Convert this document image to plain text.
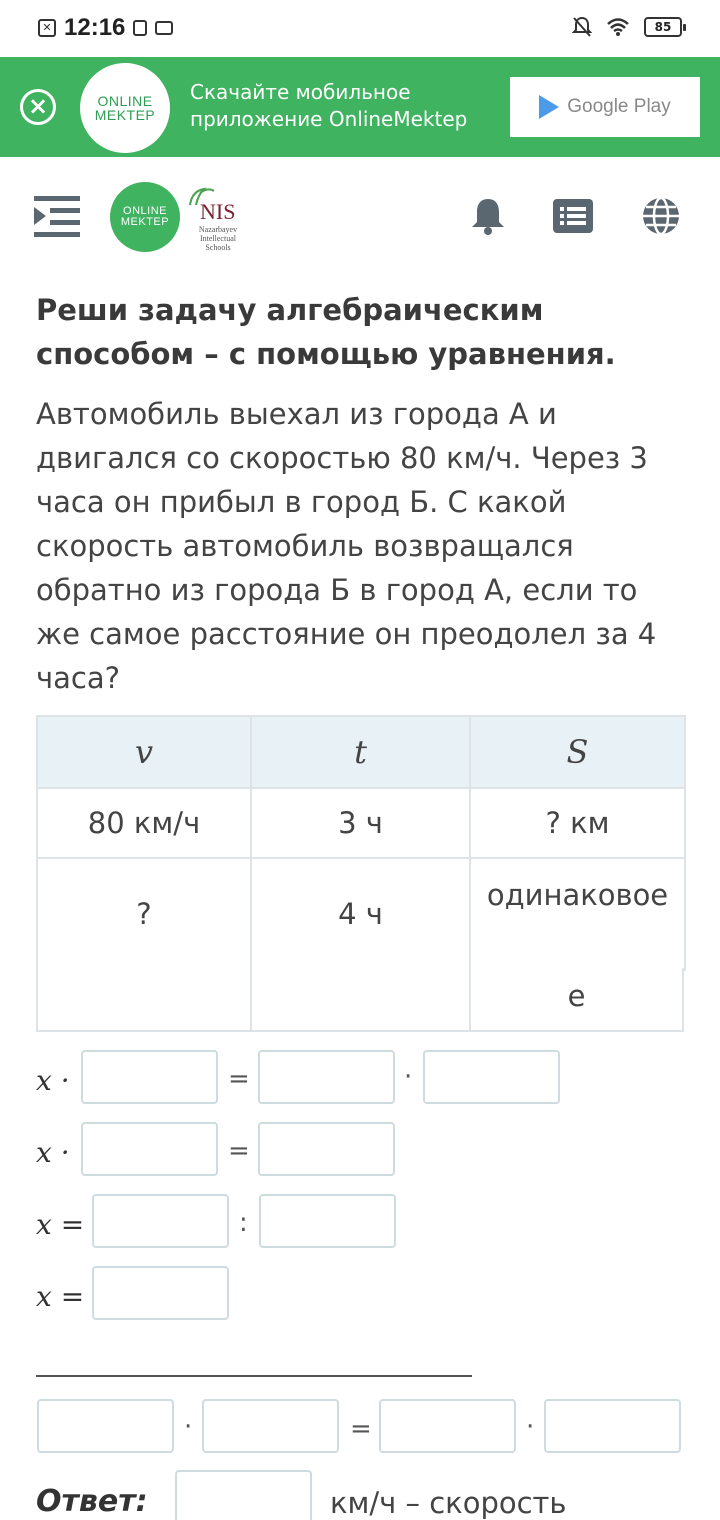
✕ 12:16	85
×	ONLINE MEKTEP
Скачайте мобильное
приложение OnlineMektep
Google Play
ONLINE MEKTEP NIS
Nazarbayev Intellectual Schools
Реши задачу алгебраическим способом – с помощью уравнения.
Автомобиль выехал из города А и двигался со скоростью 80 км/ч. Через 3 часа он прибыл в город Б. С какой скорость автомобиль возвращался обратно из города Б в город А, если то же самое расстояние он преодолел за 4 часа?
v	t	S
80 км/ч	3 ч	? км
?	4 ч	одинаковое
е
x ·	=	·
x ·	=
x =	:
x =
·	=	·
Ответ:	км/ч – скорость
